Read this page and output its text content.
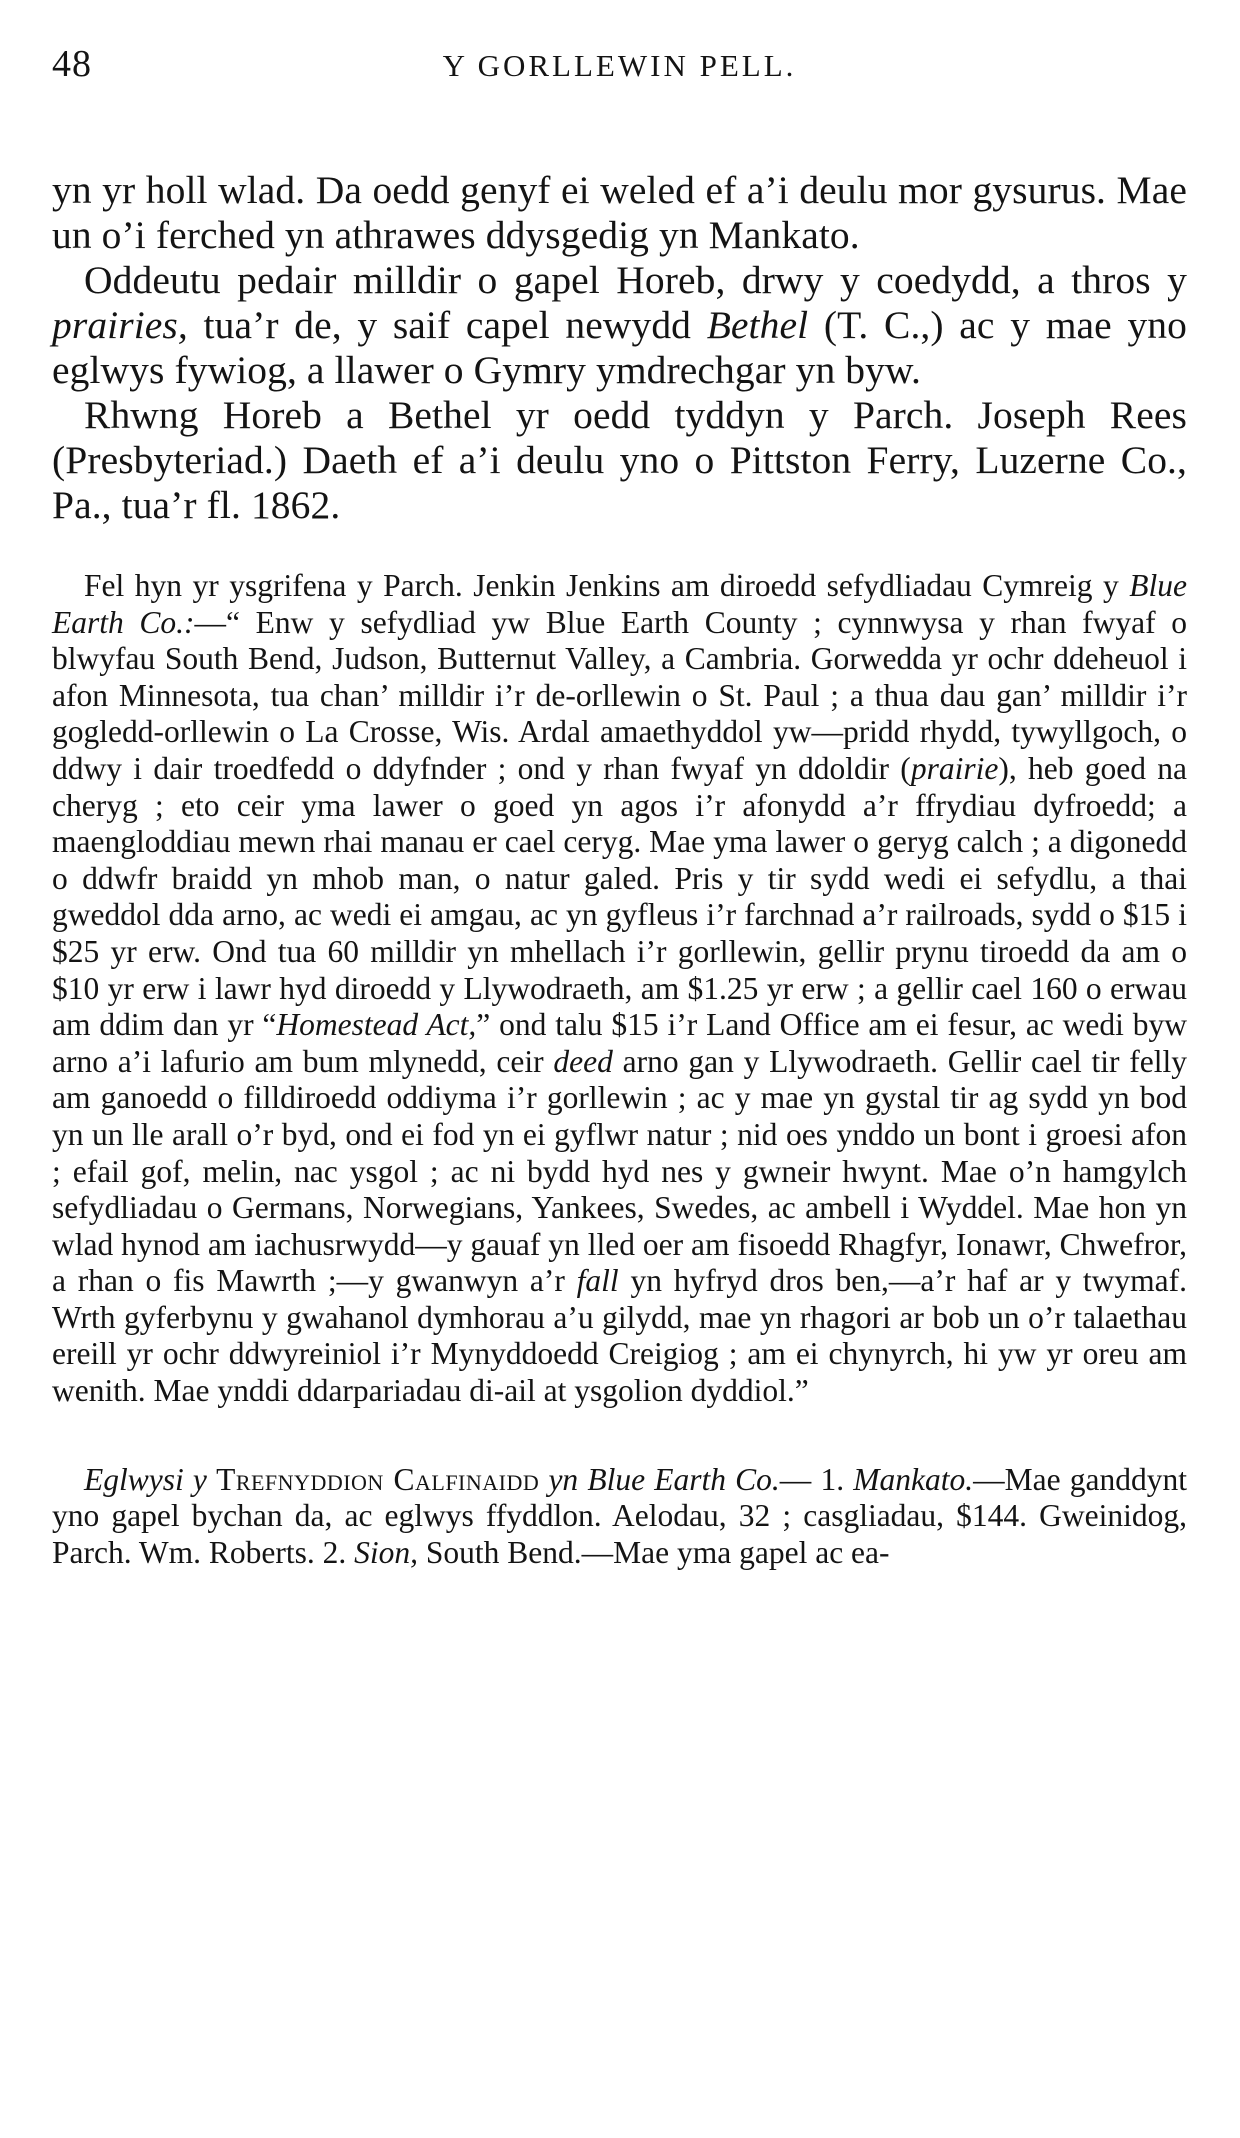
48	Y GORLLEWIN PELL.

yn yr holl wlad. Da oedd genyf ei weled ef a’i deulu mor gysurus. Mae un o’i ferched yn athrawes ddysgedig yn Mankato.

Oddeutu pedair milldir o gapel Horeb, drwy y coedydd, a thros y prairies, tua’r de, y saif capel newydd Bethel (T. C.,) ac y mae yno eglwys fywiog, a llawer o Gymry ymdrechgar yn byw.

Rhwng Horeb a Bethel yr oedd tyddyn y Parch. Joseph Rees (Presbyteriad.) Daeth ef a’i deulu yno o Pittston Ferry, Luzerne Co., Pa., tua’r fl. 1862.

Fel hyn yr ysgrifena y Parch. Jenkin Jenkins am diroedd sefydliadau Cymreig y Blue Earth Co.:—“ Enw y sefydliad yw Blue Earth County ; cynnwysa y rhan fwyaf o blwyfau South Bend, Judson, Butternut Valley, a Cambria. Gorwedda yr ochr ddeheuol i afon Minnesota, tua chan’ milldir i’r de-orllewin o St. Paul ; a thua dau gan’ milldir i’r gogledd-orllewin o La Crosse, Wis. Ardal amaethyddol yw—pridd rhydd, tywyllgoch, o ddwy i dair troedfedd o ddyfnder ; ond y rhan fwyaf yn ddoldir (prairie), heb goed na cheryg ; eto ceir yma lawer o goed yn agos i’r afonydd a’r ffrydiau dyfroedd; a maengloddiau mewn rhai manau er cael ceryg. Mae yma lawer o geryg calch ; a digonedd o ddwfr braidd yn mhob man, o natur galed. Pris y tir sydd wedi ei sefydlu, a thai gweddol dda arno, ac wedi ei amgau, ac yn gyfleus i’r farchnad a’r railroads, sydd o $15 i $25 yr erw. Ond tua 60 milldir yn mhellach i’r gorllewin, gellir prynu tiroedd da am o $10 yr erw i lawr hyd diroedd y Llywodraeth, am $1.25 yr erw ; a gellir cael 160 o erwau am ddim dan yr “Homestead Act,” ond talu $15 i’r Land Office am ei fesur, ac wedi byw arno a’i lafurio am bum mlynedd, ceir deed arno gan y Llywodraeth. Gellir cael tir felly am ganoedd o filldiroedd oddiyma i’r gorllewin ; ac y mae yn gystal tir ag sydd yn bod yn un lle arall o’r byd, ond ei fod yn ei gyflwr natur ; nid oes ynddo un bont i groesi afon ; efail gof, melin, nac ysgol ; ac ni bydd hyd nes y gwneir hwynt. Mae o’n hamgylch sefydliadau o Germans, Norwegians, Yankees, Swedes, ac ambell i Wyddel. Mae hon yn wlad hynod am iachusrwydd—y gauaf yn lled oer am fisoedd Rhagfyr, Ionawr, Chwefror, a rhan o fis Mawrth ;—y gwanwyn a’r fall yn hyfryd dros ben,—a’r haf ar y twymaf. Wrth gyferbynu y gwahanol dymhorau a’u gilydd, mae yn rhagori ar bob un o’r talaethau ereill yr ochr ddwyreiniol i’r Mynyddoedd Creigiog ; am ei chynyrch, hi yw yr oreu am wenith. Mae ynddi ddarpariadau di-ail at ysgolion dyddiol.”

Eglwysi y Trefnyddion Calfinaidd yn Blue Earth Co.— 1. Mankato.—Mae ganddynt yno gapel bychan da, ac eglwys ffyddlon. Aelodau, 32 ; casgliadau, $144. Gweinidog, Parch. Wm. Roberts. 2. Sion, South Bend.—Mae yma gapel ac ea-
